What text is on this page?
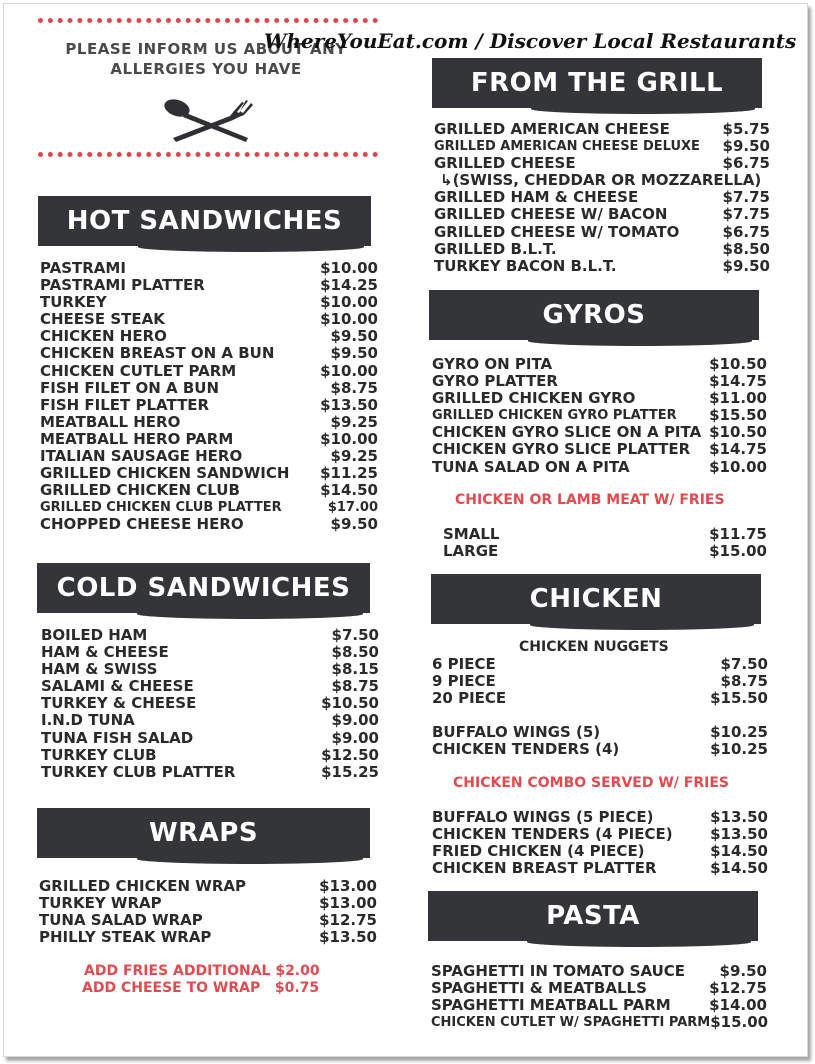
PLEASE INFORM US ABOUT ANY ALLERGIES YOU HAVE
WhereYouEat.com / Discover Local Restaurants
HOT SANDWICHES
PASTRAMI	$10.00
PASTRAMI PLATTER	$14.25
TURKEY	$10.00
CHEESE STEAK	$10.00
CHICKEN HERO	$9.50
CHICKEN BREAST ON A BUN	$9.50
CHICKEN CUTLET PARM	$10.00
FISH FILET ON A BUN	$8.75
FISH FILET PLATTER	$13.50
MEATBALL HERO	$9.25
MEATBALL HERO PARM	$10.00
ITALIAN SAUSAGE HERO	$9.25
GRILLED CHICKEN SANDWICH $11.25
GRILLED CHICKEN CLUB	$14.50
GRILLED CHICKEN CLUB PLATTER	$17.00
CHOPPED CHEESE HERO	$9.50
COLD SANDWICHES
BOILED HAM	$7.50
HAM & CHEESE	$8.50
HAM & SWISS	$8.15
SALAMI & CHEESE	$8.75
TURKEY & CHEESE	$10.50
I.N.D TUNA	$9.00
TUNA FISH SALAD	$9.00
TURKEY CLUB	$12.50
TURKEY CLUB PLATTER	$15.25
WRAPS
GRILLED CHICKEN WRAP	$13.00
TURKEY WRAP	$13.00
TUNA SALAD WRAP	$12.75
PHILLY STEAK WRAP	$13.50
ADD FRIES ADDITIONAL $2.00
ADD CHEESE TO WRAP $0.75
FROM THE GRILL
GRILLED AMERICAN CHEESE	$5.75
GRILLED AMERICAN CHEESE DELUXE $9.50
GRILLED CHEESE	$6.75
↳(SWISS, CHEDDAR OR MOZZARELLA)
GRILLED HAM & CHEESE	$7.75
GRILLED CHEESE W/ BACON	$7.75
GRILLED CHEESE W/ TOMATO	$6.75
GRILLED B.L.T.	$8.50
TURKEY BACON B.L.T.	$9.50
GYROS
GYRO ON PITA	$10.50
GYRO PLATTER	$14.75
GRILLED CHICKEN GYRO	$11.00
GRILLED CHICKEN GYRO PLATTER $15.50
CHICKEN GYRO SLICE ON A PITA $10.50
CHICKEN GYRO SLICE PLATTER $14.75
TUNA SALAD ON A PITA	$10.00
CHICKEN OR LAMB MEAT W/ FRIES
SMALL	$11.75
LARGE	$15.00
CHICKEN
CHICKEN NUGGETS
6 PIECE	$7.50
9 PIECE	$8.75
20 PIECE	$15.50
BUFFALO WINGS (5)	$10.25
CHICKEN TENDERS (4)	$10.25
CHICKEN COMBO SERVED W/ FRIES
BUFFALO WINGS (5 PIECE)	$13.50
CHICKEN TENDERS (4 PIECE)	$13.50
FRIED CHICKEN (4 PIECE)	$14.50
CHICKEN BREAST PLATTER	$14.50
PASTA
SPAGHETTI IN TOMATO SAUCE $9.50
SPAGHETTI & MEATBALLS	$12.75
SPAGHETTI MEATBALL PARM	$14.00
CHICKEN CUTLET W/ SPAGHETTI PARM $15.00
